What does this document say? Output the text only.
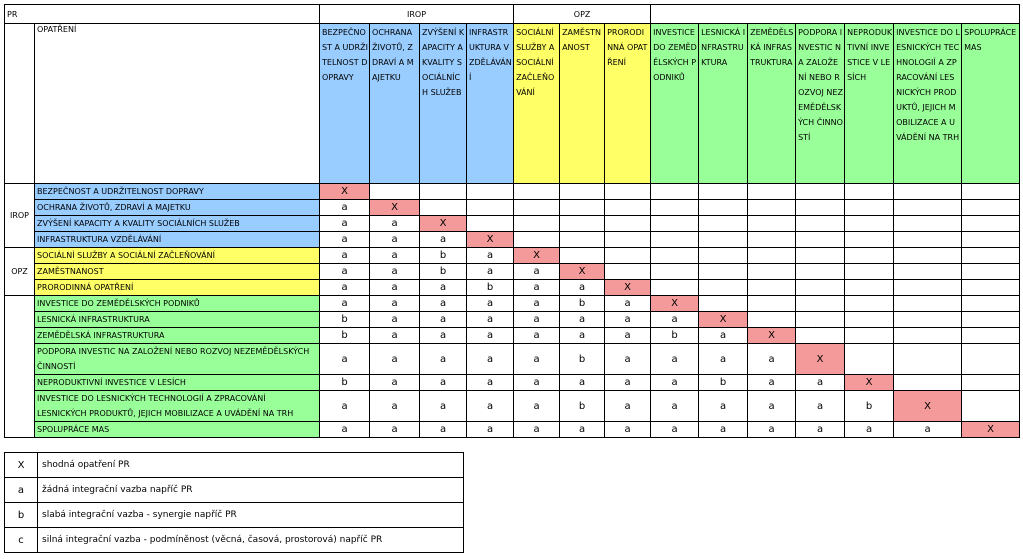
PR		IROP				OPZ									
	OPATŘENÍ	BEZPEČNOST A UDRŽITELNOST DOPRAVY	OCHRANA ŽIVOTŮ, ZDRAVÍ A MAJETKU	ZVÝŠENÍ KAPACITY A KVALITY SOCIÁLNÍCH SLUŽEB	INFRASTRUKTURA VZDĚLÁVÁNÍ	SOCIÁLNÍ SLUŽBY A SOCIÁLNÍ ZAČLEŇOVÁNÍ	ZAMĚSTNANOST	PRORODINNÁ OPATŘENÍ	INVESTICE DO ZEMĚDĚLSKÝCH PODNIKŮ	LESNICKÁ INFRASTRUKTURA	ZEMĚDĚLSKÁ INFRASTRUKTURA	PODPORA INVESTIC NA ZALOŽENÍ NEBO ROZVOJ NEZEMĚDĚLSKÝCH ČINNOSTÍ	NEPRODUKTIVNÍ INVESTICE V LESÍCH	INVESTICE DO LESNICKÝCH TECHNOLOGIÍ A ZPRACOVÁNÍ LESNICKÝCH PRODUKTŮ, JEJICH MOBILIZACE A UVÁDĚNÍ NA TRH	SPOLUPRÁCE MAS
IROP	BEZPEČNOST A UDRŽITELNOST DOPRAVY	X													
	OCHRANA ŽIVOTŮ, ZDRAVÍ A MAJETKU	a	X												
	ZVÝŠENÍ KAPACITY A KVALITY SOCIÁLNÍCH SLUŽEB	a	a	X											
	INFRASTRUKTURA VZDĚLÁVÁNÍ	a	a	a	X										
OPZ	SOCIÁLNÍ SLUŽBY A SOCIÁLNÍ ZAČLEŇOVÁNÍ	a	a	b	a	X									
	ZAMĚSTNANOST	a	a	b	a	a	X								
	PRORODINNÁ OPATŘENÍ	a	a	a	b	a	a	X							
	INVESTICE DO ZEMĚDĚLSKÝCH PODNIKŮ	a	a	a	a	a	b	a	X						
	LESNICKÁ INFRASTRUKTURA	b	a	a	a	a	a	a	a	X					
	ZEMĚDĚLSKÁ INFRASTRUKTURA	b	a	a	a	a	a	a	b	a	X				
	PODPORA INVESTIC NA ZALOŽENÍ NEBO ROZVOJ NEZEMĚDĚLSKÝCH ČINNOSTÍ	a	a	a	a	a	b	a	a	a	a	X			
	NEPRODUKTIVNÍ INVESTICE V LESÍCH	b	a	a	a	a	a	a	a	b	a	a	X		
	INVESTICE DO LESNICKÝCH TECHNOLOGIÍ A ZPRACOVÁNÍ LESNICKÝCH PRODUKTŮ, JEJICH MOBILIZACE A UVÁDĚNÍ NA TRH	a	a	a	a	a	b	a	a	a	a	a	b	X	
	SPOLUPRÁCE MAS	a	a	a	a	a	a	a	a	a	a	a	a	a	X
X	shodná opatření PR
a	žádná integrační vazba napříč PR
b	slabá integrační vazba - synergie napříč PR
c	silná integrační vazba - podmíněnost (věcná, časová, prostorová) napříč PR
